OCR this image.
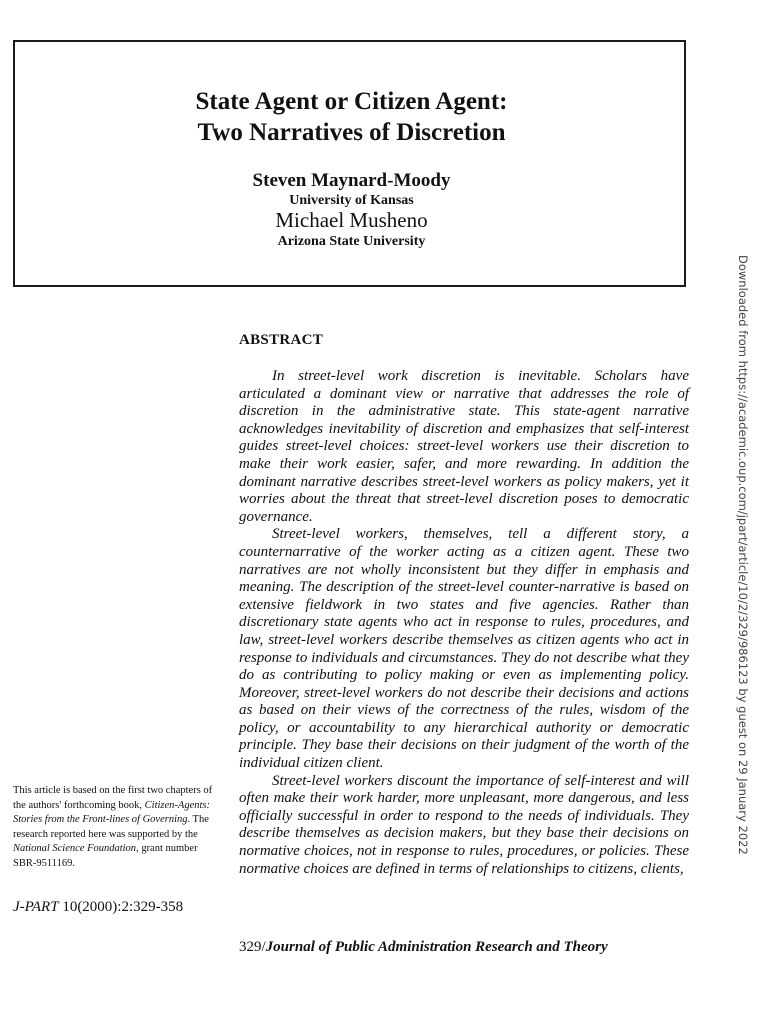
State Agent or Citizen Agent:
Two Narratives of Discretion
Steven Maynard-Moody
University of Kansas
Michael Musheno
Arizona State University
Downloaded from https://academic.oup.com/jpart/article/10/2/329/986123 by guest on 29 January 2022
ABSTRACT

In street-level work discretion is inevitable. Scholars have articulated a dominant view or narrative that addresses the role of discretion in the administrative state. This state-agent narrative acknowledges inevitability of discretion and emphasizes that self-interest guides street-level choices: street-level workers use their discretion to make their work easier, safer, and more rewarding. In addition the dominant narrative describes street-level workers as policy makers, yet it worries about the threat that street-level discretion poses to democratic governance.

Street-level workers, themselves, tell a different story, a counternarrative of the worker acting as a citizen agent. These two narratives are not wholly inconsistent but they differ in emphasis and meaning. The description of the street-level counter-narrative is based on extensive fieldwork in two states and five agencies. Rather than discretionary state agents who act in response to rules, procedures, and law, street-level workers describe themselves as citizen agents who act in response to individuals and circumstances. They do not describe what they do as contributing to policy making or even as implementing policy. Moreover, street-level workers do not describe their decisions and actions as based on their views of the correctness of the rules, wisdom of the policy, or accountability to any hierarchical authority or democratic principle. They base their decisions on their judgment of the worth of the individual citizen client.

Street-level workers discount the importance of self-interest and will often make their work harder, more unpleasant, more dangerous, and less officially successful in order to respond to the needs of individuals. They describe themselves as decision makers, but they base their decisions on normative choices, not in response to rules, procedures, or policies. These normative choices are defined in terms of relationships to citizens, clients,

This article is based on the first two chapters of the authors' forthcoming book, Citizen-Agents: Stories from the Front-lines of Governing. The research reported here was supported by the National Science Foundation, grant number SBR-9511169.
J-PART 10(2000):2:329-358
329/Journal of Public Administration Research and Theory
